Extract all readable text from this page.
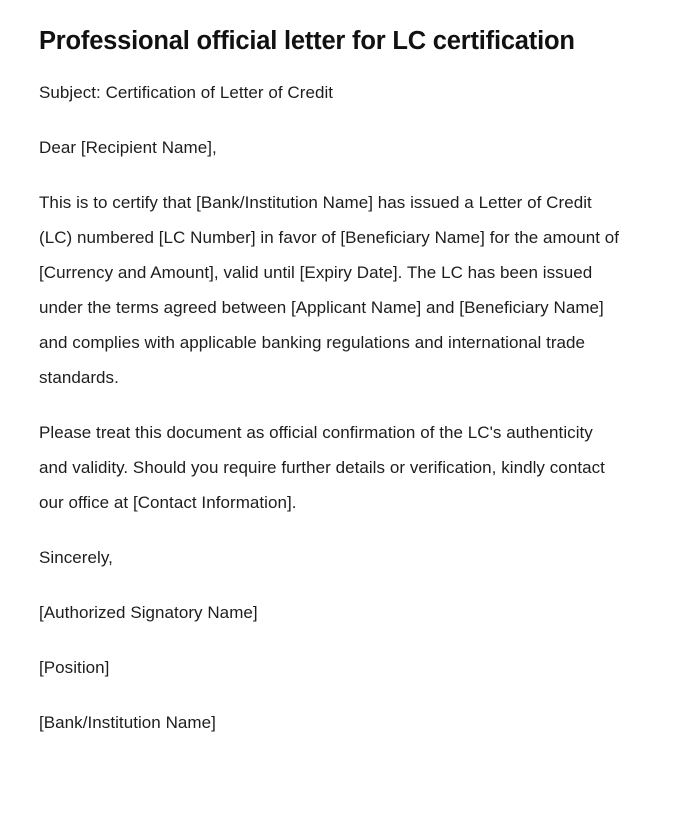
Professional official letter for LC certification

Subject: Certification of Letter of Credit

Dear [Recipient Name],

This is to certify that [Bank/Institution Name] has issued a Letter of Credit (LC) numbered [LC Number] in favor of [Beneficiary Name] for the amount of [Currency and Amount], valid until [Expiry Date]. The LC has been issued under the terms agreed between [Applicant Name] and [Beneficiary Name] and complies with applicable banking regulations and international trade standards.

Please treat this document as official confirmation of the LC's authenticity and validity. Should you require further details or verification, kindly contact our office at [Contact Information].

Sincerely,

[Authorized Signatory Name]

[Position]

[Bank/Institution Name]
